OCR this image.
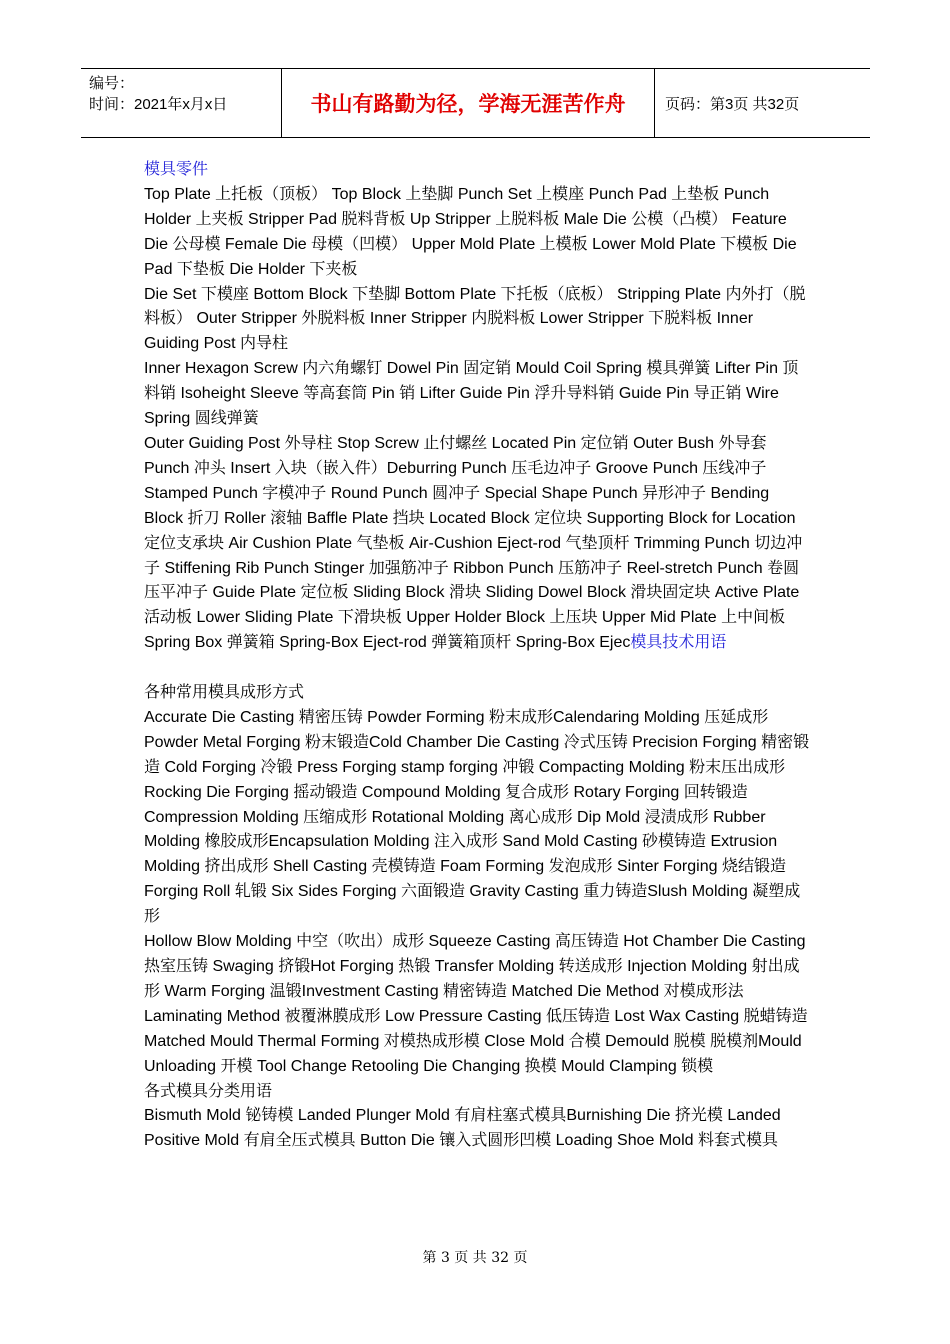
编号：
时间：2021年x月x日	书山有路勤为径，学海无涯苦作舟	页码：第3页 共32页

模具零件

Top Plate 上托板（顶板） Top Block 上垫脚 Punch Set 上模座 Punch Pad 上垫板 Punch Holder 上夹板 Stripper Pad 脱料背板 Up Stripper 上脱料板 Male Die 公模（凸模） Feature Die 公母模 Female Die 母模（凹模） Upper Mold Plate 上模板 Lower Mold Plate 下模板 Die Pad 下垫板 Die Holder 下夹板

Die Set 下模座 Bottom Block 下垫脚 Bottom Plate 下托板（底板） Stripping Plate 内外打（脱料板） Outer Stripper 外脱料板 Inner Stripper 内脱料板 Lower Stripper 下脱料板 Inner Guiding Post 内导柱

Inner Hexagon Screw 内六角螺钉 Dowel Pin 固定销 Mould Coil Spring 模具弹簧 Lifter Pin 顶料销 Isoheight Sleeve 等高套筒 Pin 销 Lifter Guide Pin 浮升导料销 Guide Pin 导正销 Wire Spring 圆线弹簧

Outer Guiding Post 外导柱 Stop Screw 止付螺丝 Located Pin 定位销 Outer Bush 外导套 Punch 冲头 Insert 入块（嵌入件）Deburring Punch 压毛边冲子 Groove Punch 压线冲子 Stamped Punch 字模冲子 Round Punch 圆冲子 Special Shape Punch 异形冲子 Bending Block 折刀 Roller 滚轴 Baffle Plate 挡块 Located Block 定位块 Supporting Block for Location 定位支承块 Air Cushion Plate 气垫板 Air-Cushion Eject-rod 气垫顶杆 Trimming Punch 切边冲子 Stiffening Rib Punch Stinger 加强筋冲子 Ribbon Punch 压筋冲子 Reel-stretch Punch 卷圆压平冲子 Guide Plate 定位板 Sliding Block 滑块 Sliding Dowel Block 滑块固定块 Active Plate 活动板 Lower Sliding Plate 下滑块板 Upper Holder Block 上压块 Upper Mid Plate 上中间板 Spring Box 弹簧箱 Spring-Box Eject-rod 弹簧箱顶杆 Spring-Box Ejec模具技术用语

各种常用模具成形方式

Accurate Die Casting 精密压铸 Powder Forming 粉末成形Calendaring Molding 压延成形 Powder Metal Forging 粉末锻造Cold Chamber Die Casting 冷式压铸 Precision Forging 精密锻造 Cold Forging 冷锻 Press Forging stamp forging 冲锻 Compacting Molding 粉末压出成形 Rocking Die Forging 摇动锻造 Compound Molding 复合成形 Rotary Forging 回转锻造Compression Molding 压缩成形 Rotational Molding 离心成形 Dip Mold 浸渍成形 Rubber Molding 橡胶成形Encapsulation Molding 注入成形 Sand Mold Casting 砂模铸造 Extrusion Molding 挤出成形 Shell Casting 壳模铸造 Foam Forming 发泡成形 Sinter Forging 烧结锻造 Forging Roll 轧锻 Six Sides Forging 六面锻造 Gravity Casting 重力铸造Slush Molding 凝塑成形

Hollow Blow Molding 中空（吹出）成形 Squeeze Casting 高压铸造 Hot Chamber Die Casting 热室压铸 Swaging 挤锻Hot Forging 热锻 Transfer Molding 转送成形 Injection Molding 射出成形 Warm Forging 温锻Investment Casting 精密铸造 Matched Die Method 对模成形法 Laminating Method 被覆淋膜成形 Low Pressure Casting 低压铸造 Lost Wax Casting 脱蜡铸造 Matched Mould Thermal Forming 对模热成形模 Close Mold 合模 Demould 脱模 脱模剂Mould Unloading 开模 Tool Change Retooling Die Changing 换模 Mould Clamping 锁模

各式模具分类用语

Bismuth Mold 铋铸模 Landed Plunger Mold 有肩柱塞式模具Burnishing Die 挤光模 Landed Positive Mold 有肩全压式模具 Button Die 镶入式圆形凹模 Loading Shoe Mold 料套式模具

第 3 页 共 32 页
